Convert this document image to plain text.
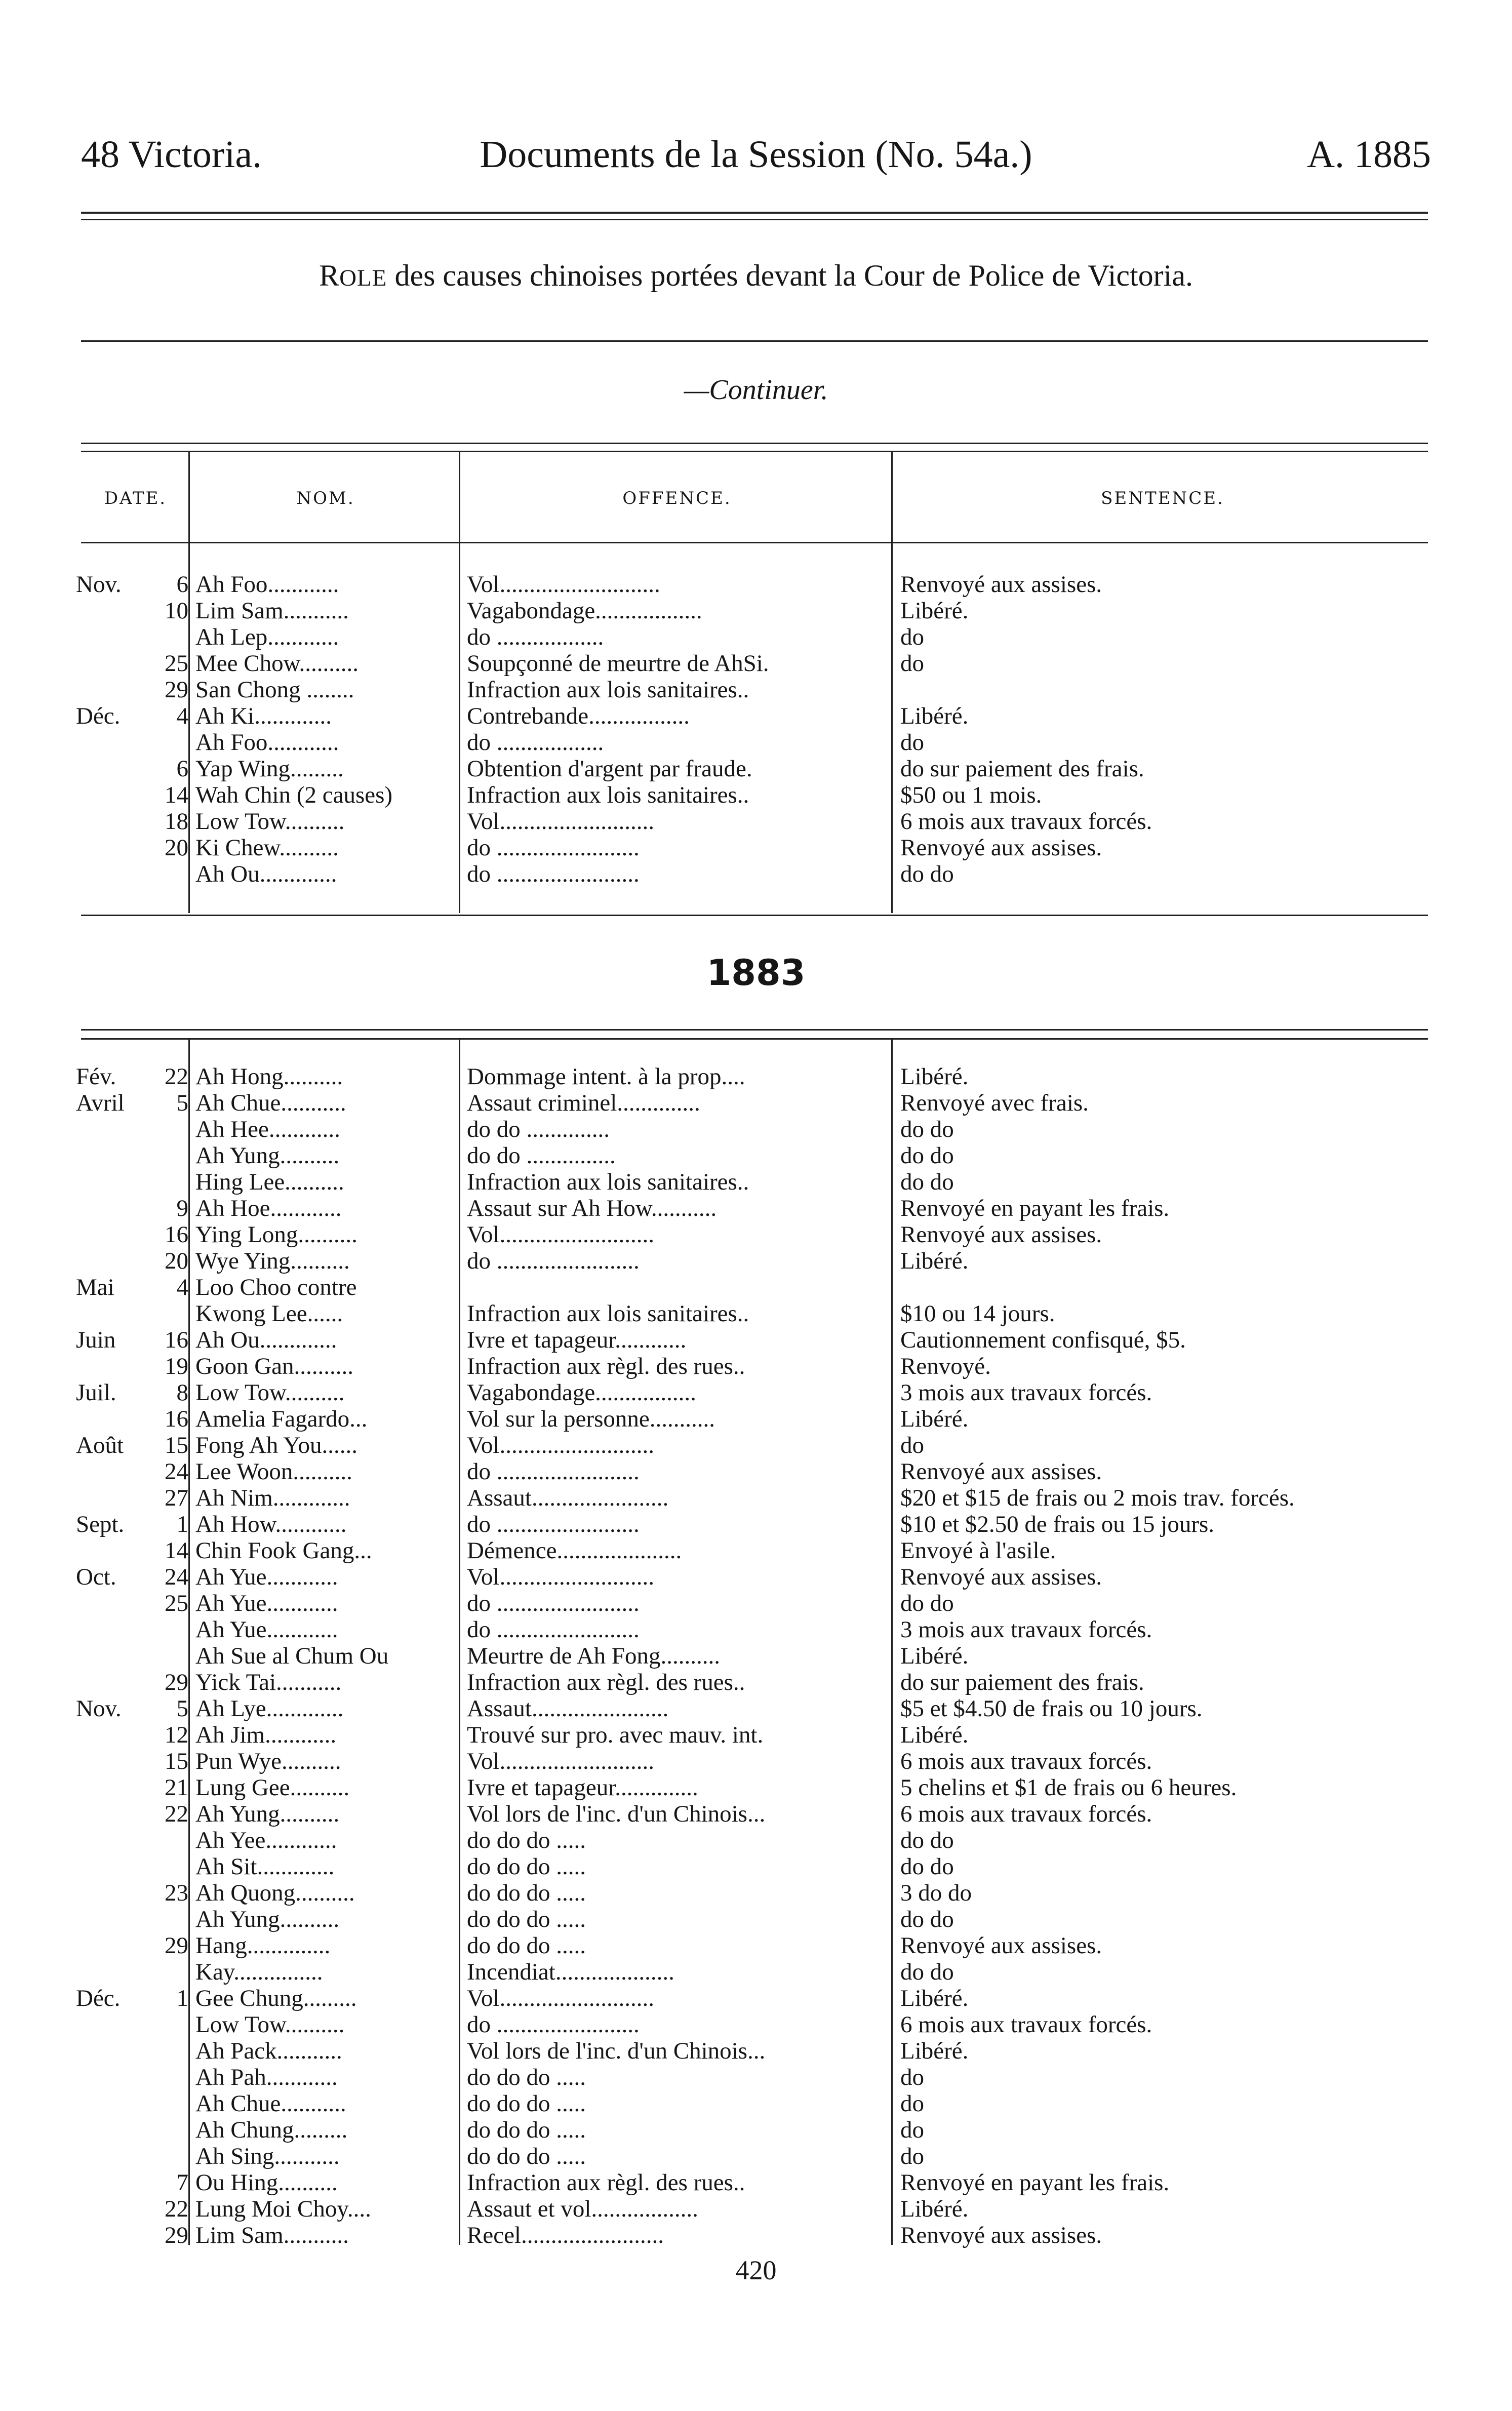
48 Victoria.	Documents de la Session (No. 54a.)	A. 1885
ROLE des causes chinoises portées devant la Cour de Police de Victoria.
—Continuer.
DATE.	NOM.	OFFENCE.	SENTENCE.
Nov.	6 Ah Foo............	Vol...........................	Renvoyé aux assises.
10 Lim Sam...........	Vagabondage..................	Libéré.
Ah Lep............	do ..................	do
25 Mee Chow..........	Soupçonné de meurtre de AhSi.	do
29 San Chong ........	Infraction aux lois sanitaires..
Déc.	4 Ah Ki.............	Contrebande.................	Libéré.
Ah Foo............	do ..................	do
6 Yap Wing.........	Obtention d'argent par fraude.	do sur paiement des frais.
14 Wah Chin (2 causes)	Infraction aux lois sanitaires..	$50 ou 1 mois.
18 Low Tow..........	Vol..........................	6 mois aux travaux forcés.
20 Ki Chew..........	do ........................	Renvoyé aux assises.
Ah Ou.............	do ........................	do do
1883
Fév.	22 Ah Hong..........	Dommage intent. à la prop....	Libéré.
Avril	5 Ah Chue...........	Assaut criminel..............	Renvoyé avec frais.
Ah Hee............	do do ..............	do do
Ah Yung..........	do do ...............	do do
Hing Lee..........	Infraction aux lois sanitaires..	do do
9 Ah Hoe............	Assaut sur Ah How...........	Renvoyé en payant les frais.
16 Ying Long..........	Vol..........................	Renvoyé aux assises.
20 Wye Ying..........	do ........................	Libéré.
Mai	4 Loo Choo contre
Kwong Lee......	Infraction aux lois sanitaires..	$10 ou 14 jours.
Juin	16 Ah Ou.............	Ivre et tapageur............	Cautionnement confisqué, $5.
19 Goon Gan..........	Infraction aux règl. des rues..	Renvoyé.
Juil.	8 Low Tow..........	Vagabondage.................	3 mois aux travaux forcés.
16 Amelia Fagardo...	Vol sur la personne...........	Libéré.
Août	15 Fong Ah You......	Vol..........................	do
24 Lee Woon..........	do ........................	Renvoyé aux assises.
27 Ah Nim.............	Assaut.......................	$20 et $15 de frais ou 2 mois trav. forcés.
Sept.	1 Ah How............	do ........................	$10 et $2.50 de frais ou 15 jours.
14 Chin Fook Gang...	Démence.....................	Envoyé à l'asile.
Oct.	24 Ah Yue............	Vol..........................	Renvoyé aux assises.
25 Ah Yue............	do ........................	do do
Ah Yue............	do ........................	3 mois aux travaux forcés.
Ah Sue al Chum Ou	Meurtre de Ah Fong..........	Libéré.
29 Yick Tai...........	Infraction aux règl. des rues..	do sur paiement des frais.
Nov.	5 Ah Lye.............	Assaut.......................	$5 et $4.50 de frais ou 10 jours.
12 Ah Jim............	Trouvé sur pro. avec mauv. int.	Libéré.
15 Pun Wye..........	Vol..........................	6 mois aux travaux forcés.
21 Lung Gee..........	Ivre et tapageur..............	5 chelins et $1 de frais ou 6 heures.
22 Ah Yung..........	Vol lors de l'inc. d'un Chinois...	6 mois aux travaux forcés.
Ah Yee............	do do do .....	do do
Ah Sit.............	do do do .....	do do
23 Ah Quong..........	do do do .....	3 do do
Ah Yung..........	do do do .....	do do
29 Hang..............	do do do .....	Renvoyé aux assises.
Kay...............	Incendiat....................	do do
Déc.	1 Gee Chung.........	Vol..........................	Libéré.
Low Tow..........	do ........................	6 mois aux travaux forcés.
Ah Pack...........	Vol lors de l'inc. d'un Chinois...	Libéré.
Ah Pah............	do do do .....	do
Ah Chue...........	do do do .....	do
Ah Chung.........	do do do .....	do
Ah Sing...........	do do do .....	do
7 Ou Hing..........	Infraction aux règl. des rues..	Renvoyé en payant les frais.
22 Lung Moi Choy....	Assaut et vol..................	Libéré.
29 Lim Sam...........	Recel........................	Renvoyé aux assises.
420
